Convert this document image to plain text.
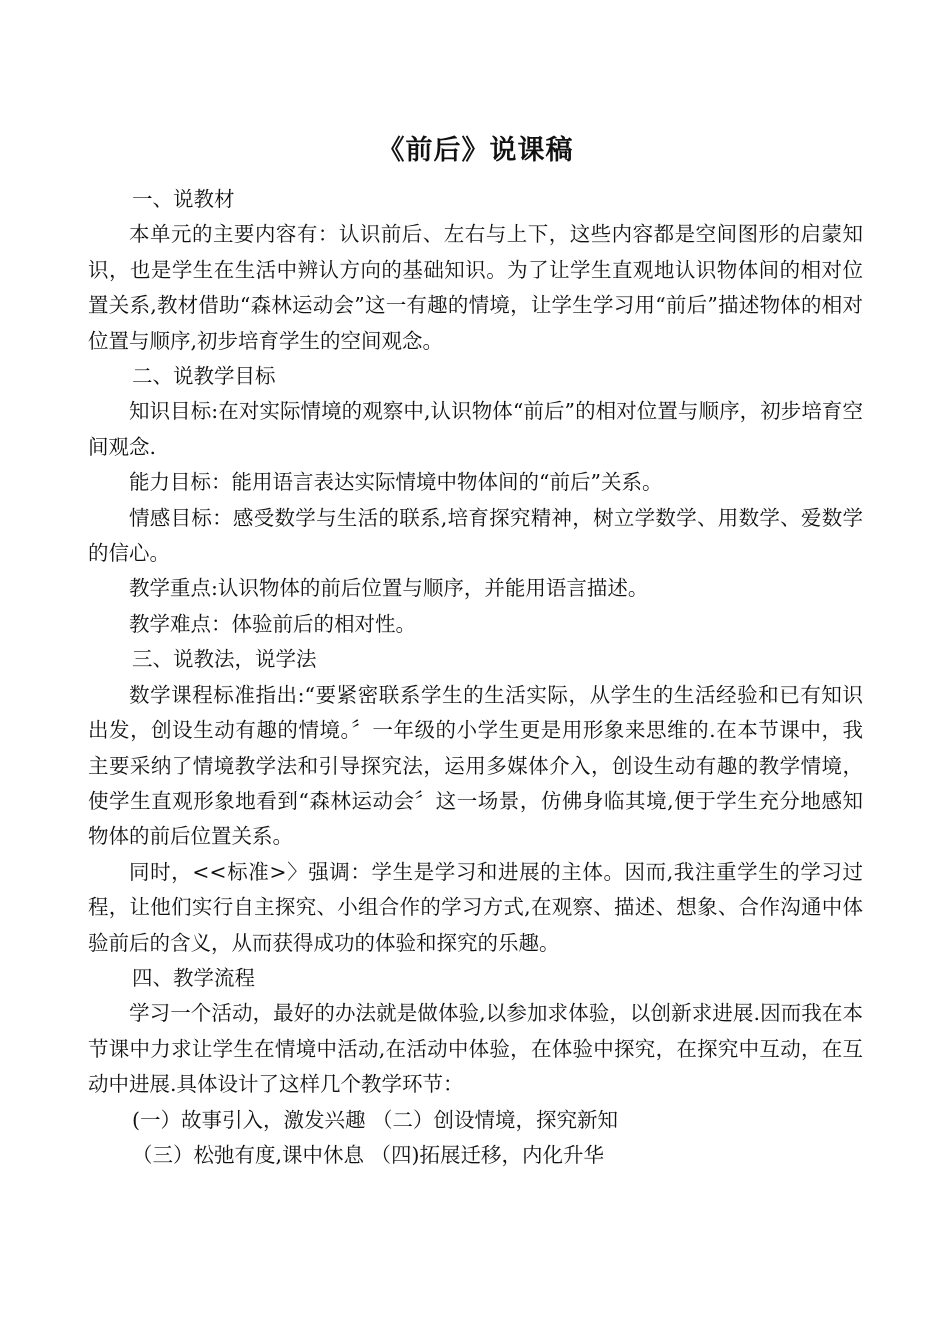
《前后》说课稿

一、说教材

本单元的主要内容有：认识前后、左右与上下，这些内容都是空间图形的启蒙知识，也是学生在生活中辨认方向的基础知识。为了让学生直观地认识物体间的相对位置关系,教材借助“森林运动会”这一有趣的情境，让学生学习用“前后”描述物体的相对位置与顺序,初步培育学生的空间观念。

二、说教学目标

知识目标:在对实际情境的观察中,认识物体“前后”的相对位置与顺序，初步培育空间观念.

能力目标：能用语言表达实际情境中物体间的“前后”关系。

情感目标：感受数学与生活的联系,培育探究精神，树立学数学、用数学、爱数学的信心。

教学重点:认识物体的前后位置与顺序，并能用语言描述。

教学难点：体验前后的相对性。

三、说教法，说学法

数学课程标准指出:“要紧密联系学生的生活实际，从学生的生活经验和已有知识出发，创设生动有趣的情境。〞一年级的小学生更是用形象来思维的.在本节课中，我主要采纳了情境教学法和引导探究法，运用多媒体介入，创设生动有趣的教学情境，使学生直观形象地看到“森林运动会〞这一场景，仿佛身临其境,便于学生充分地感知物体的前后位置关系。

同时，<<标准>〉强调：学生是学习和进展的主体。因而,我注重学生的学习过程，让他们实行自主探究、小组合作的学习方式,在观察、描述、想象、合作沟通中体验前后的含义，从而获得成功的体验和探究的乐趣。

四、教学流程

学习一个活动，最好的办法就是做体验,以参加求体验，以创新求进展.因而我在本节课中力求让学生在情境中活动,在活动中体验，在体验中探究，在探究中互动，在互动中进展.具体设计了这样几个教学环节：

(一）故事引入，激发兴趣 （二）创设情境，探究新知

（三）松弛有度,课中休息 （四)拓展迁移，内化升华
